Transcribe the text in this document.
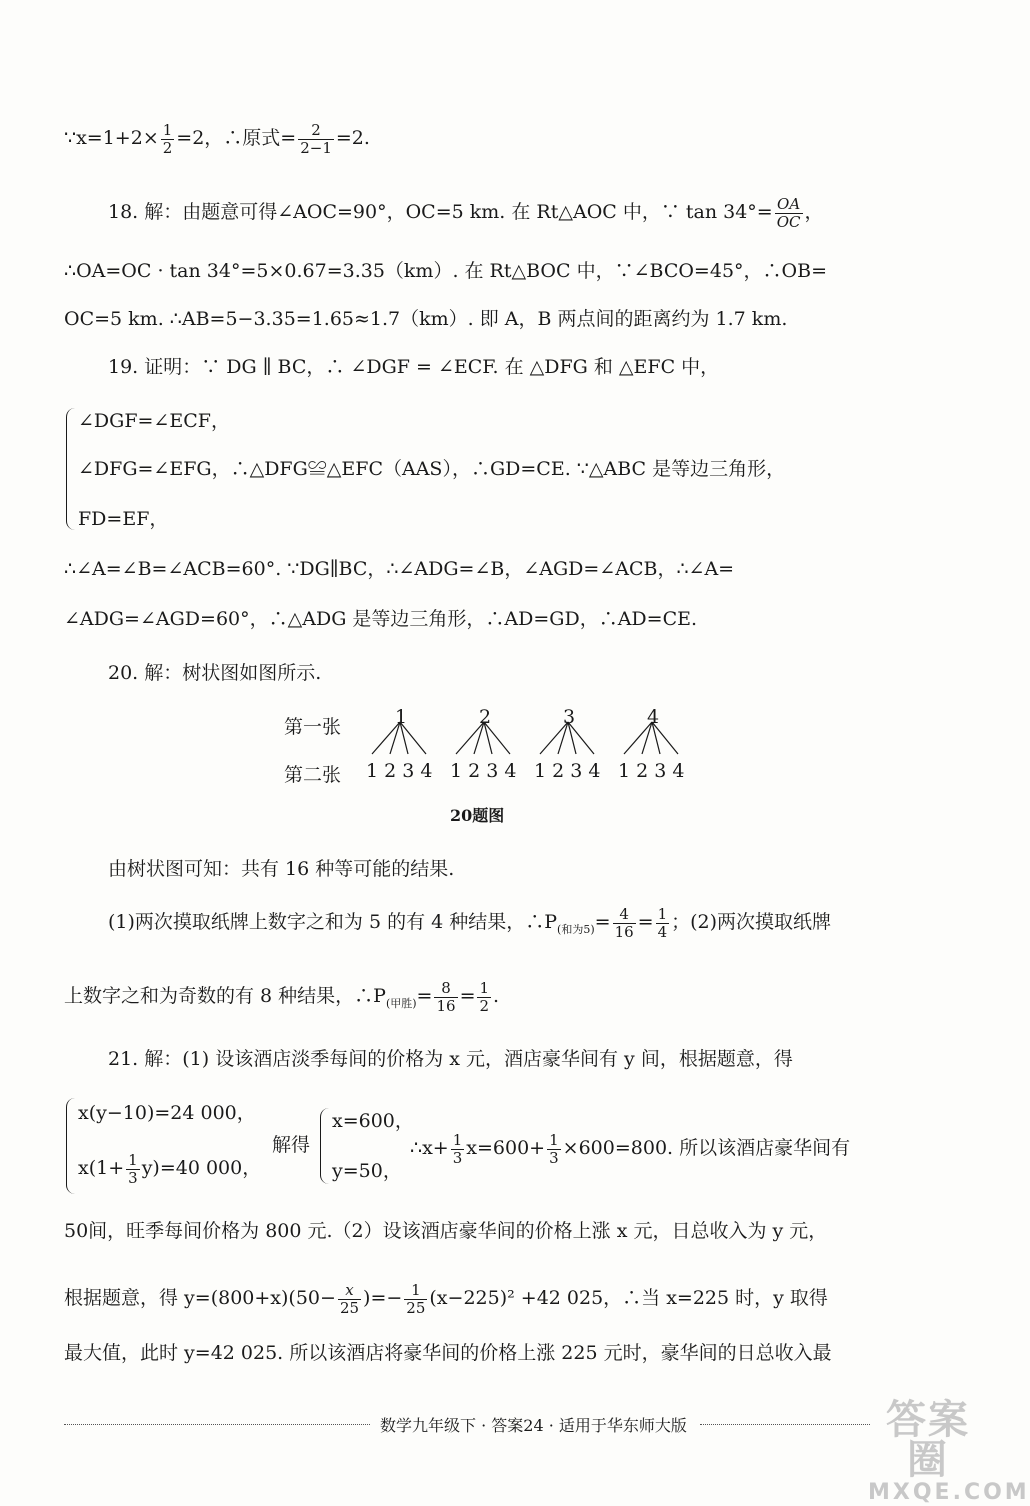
∵x=1+2× $\frac{1}{2} =2$，∴原式= $\frac{2}{2-1} =2$.
18. 解：由题意可得∠AOC=90°，OC=5 km. 在 Rt△AOC 中，∵ $\tan 34^\circ= \frac{OA}{OC}$ ，
∴OA=OC · tan 34°=5×0.67=3.35（km）. 在 Rt△BOC 中，∵∠BCO=45°，∴OB=
OC=5 km. ∴AB=5−3.35=1.65≈1.7（km）. 即 A，B 两点间的距离约为 1.7 km.
19. 证明：∵ DG ∥ BC，∴ ∠DGF = ∠ECF. 在 △DFG 和 △EFC 中，
∠DGF=∠ECF，
∠DFG=∠EFG，∴△DFG≌△EFC（AAS），∴GD=CE. ∵△ABC 是等边三角形，
FD=EF，
∴∠A=∠B=∠ACB=60°. ∵DG∥BC，∴∠ADG=∠B，∠AGD=∠ACB，∴∠A=
∠ADG=∠AGD=60°，∴△ADG 是等边三角形，∴AD=GD，∴AD=CE.
20. 解：树状图如图所示.
第一张
第二张
1	2	3	4
1 2 3 4 1 2 3 4 1 2 3 4 1 2 3 4
20题图
由树状图可知：共有 16 种等可能的结果.
(1)两次摸取纸牌上数字之和为 5 的有 4 种结果，$\therefore P_{(和为5)}= \frac{4}{16} = \frac{1}{4}$ ；(2)两次摸取纸牌
上数字之和为奇数的有 8 种结果，$\therefore P_{(甲胜)}= \frac{8}{16} = \frac{1}{2}$ .
21. 解：(1) 设该酒店淡季每间的价格为 x 元，酒店豪华间有 y 间，根据题意，得
x(y−10)=24 000，
$x(1+ \frac{1}{3} y)=40$ 000，
解得
x=600，
y=50，
∴x+ $\frac{1}{3} x=600+ \frac{1}{3} \times 600=800$. 所以该酒店豪华间有
50间，旺季每间价格为 800 元.（2）设该酒店豪华间的价格上涨 x 元，日总收入为 y 元，
根据题意，得 $y=(800+x)(50- \frac{x}{25}$ )=− $\frac{1}{25} (x-225)^2 +42$ 025，∴当 x=225 时，y 取得
最大值，此时 y=42 025. 所以该酒店将豪华间的价格上涨 225 元时，豪华间的日总收入最
数学九年级下 · 答案24 · 适用于华东师大版	答案圈
MXQE.COM
